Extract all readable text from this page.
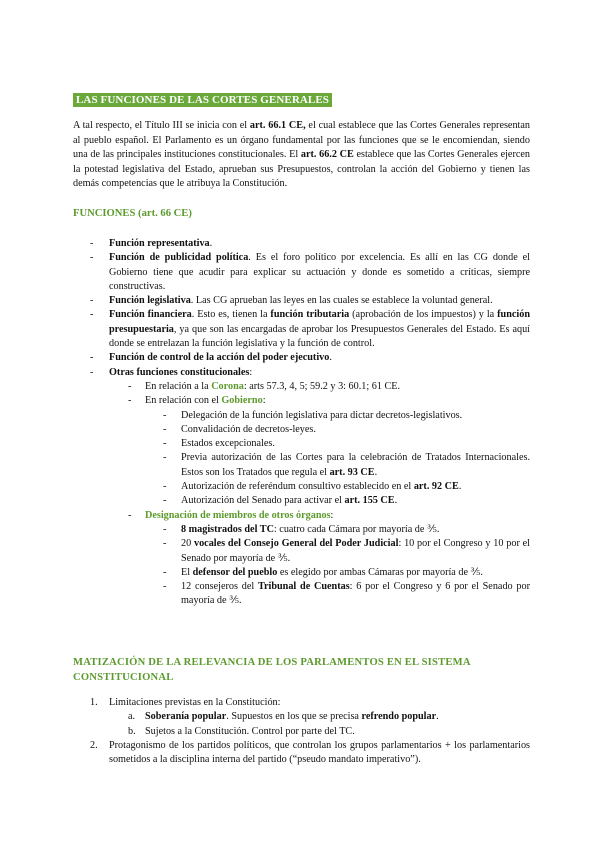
LAS FUNCIONES DE LAS CORTES GENERALES
A tal respecto, el Título III se inicia con el art. 66.1 CE, el cual establece que las Cortes Generales representan al pueblo español. El Parlamento es un órgano fundamental por las funciones que se le encomiendan, siendo una de las principales instituciones constitucionales. El art. 66.2 CE establece que las Cortes Generales ejercen la potestad legislativa del Estado, aprueban sus Presupuestos, controlan la acción del Gobierno y tienen las demás competencias que le atribuya la Constitución.
FUNCIONES (art. 66 CE)
- Función representativa.
- Función de publicidad política. Es el foro político por excelencia. Es allí en las CG donde el Gobierno tiene que acudir para explicar su actuación y donde es sometido a críticas, siempre constructivas.
- Función legislativa. Las CG aprueban las leyes en las cuales se establece la voluntad general.
- Función financiera. Esto es, tienen la función tributaria (aprobación de los impuestos) y la función presupuestaria, ya que son las encargadas de aprobar los Presupuestos Generales del Estado. Es aquí donde se entrelazan la función legislativa y la función de control.
- Función de control de la acción del poder ejecutivo.
- Otras funciones constitucionales:
- En relación a la Corona: arts 57.3, 4, 5; 59.2 y 3: 60.1; 61 CE.
- En relación con el Gobierno:
- Delegación de la función legislativa para dictar decretos-legislativos.
- Convalidación de decretos-leyes.
- Estados excepcionales.
- Previa autorización de las Cortes para la celebración de Tratados Internacionales. Estos son los Tratados que regula el art. 93 CE.
- Autorización de referéndum consultivo establecido en el art. 92 CE.
- Autorización del Senado para activar el art. 155 CE.
- Designación de miembros de otros órganos:
- 8 magistrados del TC: cuatro cada Cámara por mayoría de ⅗.
- 20 vocales del Consejo General del Poder Judicial: 10 por el Congreso y 10 por el Senado por mayoría de ⅗.
- El defensor del pueblo es elegido por ambas Cámaras por mayoría de ⅗.
- 12 consejeros del Tribunal de Cuentas: 6 por el Congreso y 6 por el Senado por mayoría de ⅗.
MATIZACIÓN DE LA RELEVANCIA DE LOS PARLAMENTOS EN EL SISTEMA CONSTITUCIONAL
1. Limitaciones previstas en la Constitución:
a. Soberanía popular. Supuestos en los que se precisa refrendo popular.
b. Sujetos a la Constitución. Control por parte del TC.
2. Protagonismo de los partidos políticos, que controlan los grupos parlamentarios + los parlamentarios sometidos a la disciplina interna del partido (“pseudo mandato imperativo”).
